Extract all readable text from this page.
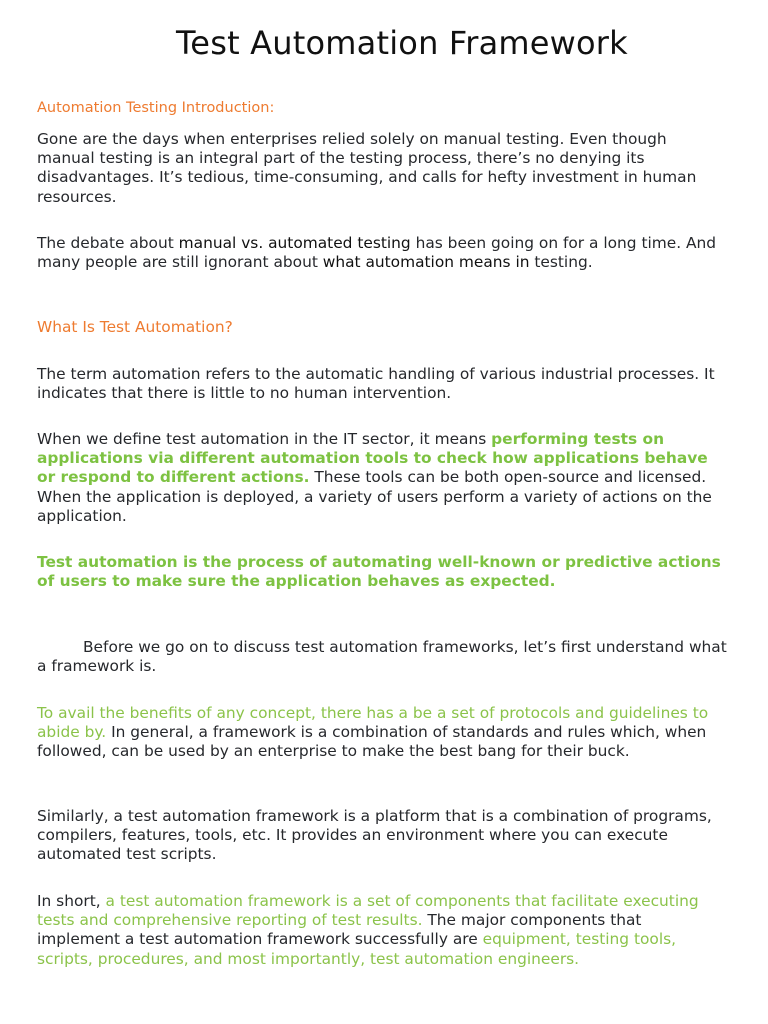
Test Automation Framework

Automation Testing Introduction:

Gone are the days when enterprises relied solely on manual testing. Even though manual testing is an integral part of the testing process, there’s no denying its disadvantages. It’s tedious, time-consuming, and calls for hefty investment in human resources.

The debate about manual vs. automated testing has been going on for a long time. And many people are still ignorant about what automation means in testing.

What Is Test Automation?

The term automation refers to the automatic handling of various industrial processes. It indicates that there is little to no human intervention.

When we define test automation in the IT sector, it means performing tests on applications via different automation tools to check how applications behave or respond to different actions. These tools can be both open-source and licensed. When the application is deployed, a variety of users perform a variety of actions on the application.

Test automation is the process of automating well-known or predictive actions of users to make sure the application behaves as expected.

Before we go on to discuss test automation frameworks, let’s first understand what a framework is.

To avail the benefits of any concept, there has a be a set of protocols and guidelines to abide by. In general, a framework is a combination of standards and rules which, when followed, can be used by an enterprise to make the best bang for their buck.

Similarly, a test automation framework is a platform that is a combination of programs, compilers, features, tools, etc. It provides an environment where you can execute automated test scripts.

In short, a test automation framework is a set of components that facilitate executing tests and comprehensive reporting of test results. The major components that implement a test automation framework successfully are equipment, testing tools, scripts, procedures, and most importantly, test automation engineers.
